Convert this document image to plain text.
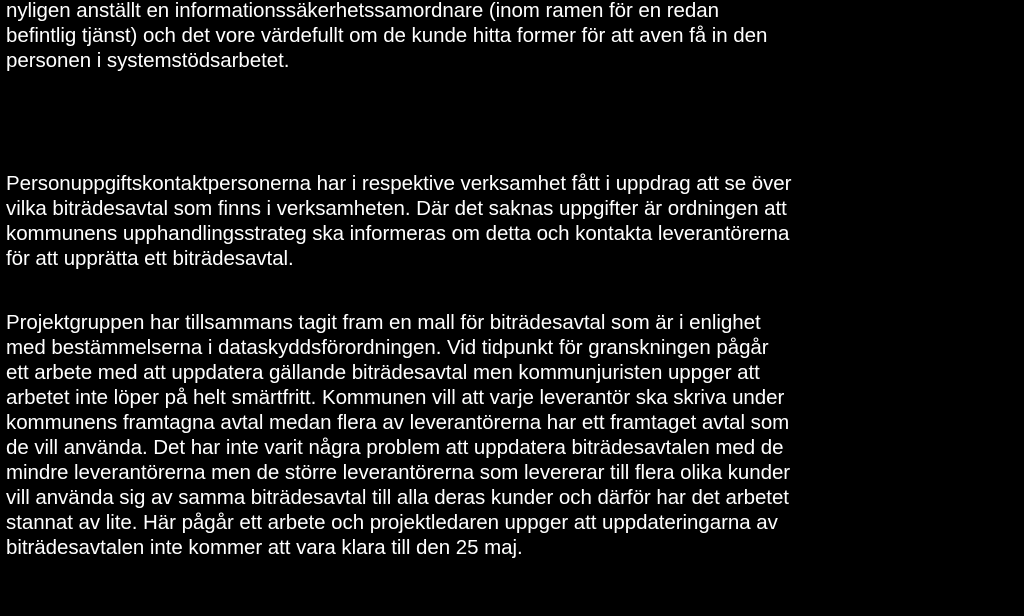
nyligen anställt en informationssäkerhetssamordnare (inom ramen för en redan
befintlig tjänst) och det vore värdefullt om de kunde hitta former för att aven få in den
personen i systemstödsarbetet.
Personuppgiftskontaktpersonerna har i respektive verksamhet fått i uppdrag att se över
vilka biträdesavtal som finns i verksamheten. Där det saknas uppgifter är ordningen att
kommunens upphandlingsstrateg ska informeras om detta och kontakta leverantörerna
för att upprätta ett biträdesavtal.
Projektgruppen har tillsammans tagit fram en mall för biträdesavtal som är i enlighet
med bestämmelserna i dataskyddsförordningen. Vid tidpunkt för granskningen pågår
ett arbete med att uppdatera gällande biträdesavtal men kommunjuristen uppger att
arbetet inte löper på helt smärtfritt. Kommunen vill att varje leverantör ska skriva under
kommunens framtagna avtal medan flera av leverantörerna har ett framtaget avtal som
de vill använda. Det har inte varit några problem att uppdatera biträdesavtalen med de
mindre leverantörerna men de större leverantörerna som levererar till flera olika kunder
vill använda sig av samma biträdesavtal till alla deras kunder och därför har det arbetet
stannat av lite. Här pågår ett arbete och projektledaren uppger att uppdateringarna av
biträdesavtalen inte kommer att vara klara till den 25 maj.
